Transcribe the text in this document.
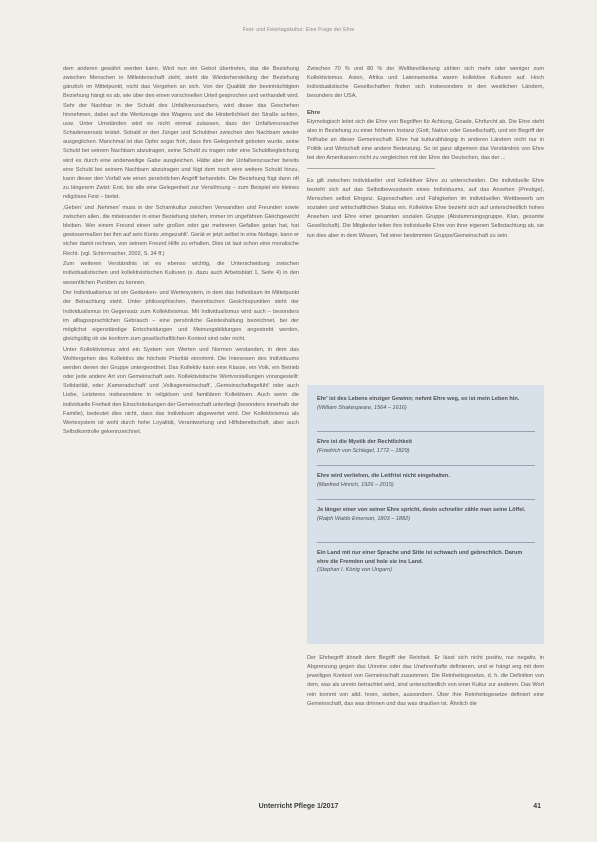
Fest- und Feiertagskultur: Eine Frage der Ehre

dem anderen gewährt werden kann. Wird nun ein Gebot übertreten, das die Beziehung zwischen Menschen in Mitleidenschaft zieht, steht die Wiederherstellung der Beziehung gänzlich im Mittelpunkt, nicht das Vergehen an sich. Von der Qualität der beeinträchtigten Beziehung hängt es ab, wie über den einen vorschnellen Urteil gesprochen und verhandelt wird. Sehr der Nachbar in der Schuld des Unfallverursachers, wird dieser das Geschehen hinnehmen, dabei auf die Werkzeuge des Wagens und die Hinderlichkeit der Straße achten, usw. Unter Umständen wird es nicht einmal zulassen, dass der Unfallverursacher Schadensersatz leistet. Sobald er den Jünger und Schuldner zwischen den Nachbarn wieder ausgeglichen. Manchmal ist das Opfer sogar froh, dass ihm Gelegenheit geboten wurde, seine Schuld bei seinem Nachbarn abzutragen, seine Schuld zu tragen oder eine Schuldbegleichung wird es durch eine anderweitige Gabe ausgleichen. Hätte aber der Unfallverursacher bereits eine Schuld bei seinem Nachbarn abzutragen und fügt dem noch eine weitere Schuld hinzu, kann dieser den Vorfall wie einen persönlichen Angriff behandeln. Die Beziehung fügt dann oft zu längerem Zwist: Erst, bis alle eine Gelegenheit zur Versöhnung – zum Beispiel ein kleines religiöses Fest – bietet.

‚Geben' und ‚Nehmen' muss in der Schamkultur zwischen Verwandten und Freunden sowie zwischen allen, die miteinander in einer Beziehung stehen, immer im ungefähren Gleichgewicht bleiben. Wer einem Freund einen sehr großen oder gar mehreren Gefallen getan hat, hat gewissermaßen bei ihm auf sein Konto ‚eingezahlt'. Gerät er jetzt selbst in eine Notlage, kann er sicher damit rechnen, von seinem Freund Hilfe zu erhalten. Dies ist laut schon eine moralische Recht. (vgl. Schirrmacher, 2002, S. 34 ff.)

Zum weiteren Verständnis ist es ebenso wichtig, die Unterscheidung zwischen individualistischen und kollektivistischen Kulturen (s. dazu auch Arbeitsblatt 1, Seite 4) in den wesentlichen Punkten zu kennen.

Der Individualismus ist ein Gedanken- und Wertesystem, in dem das Individuum im Mittelpunkt der Betrachtung steht. Unter philosophischen, theoretischen Gesichtspunkten steht der Individualismus im Gegensatz zum Kollektivismus. Mit Individualismus wird auch – besonders im alltagssprachlichen Gebrauch – eine persönliche Geisteshaltung bezeichnet, bei der möglichst eigenständige Entscheidungen und Meinungsbildungen angestrebt werden, gleichgültig ob sie konform zum gesellschaftlichen Kontext sind oder nicht.

Unter Kollektivismus wird ein System von Werten und Normen verstanden, in dem das Wohlergehen des Kollektivs die höchste Priorität einnimmt. Die Interessen des Individuums werden denen der Gruppe untergeordnet. Das Kollektiv kann eine Klasse, ein Volk, ein Betrieb oder jede andere Art von Gemeinschaft sein. Kollektivistische Wertvorstellungen vorangestellt: Solidarität, oder ‚Kameradschaft' und ‚Volksgemeinschaft', ‚Gemeinschaftsgefühl' oder auch Liebe, Letzteres insbesondere in religiösen und familiären Kollektiven. Auch wenn die individuelle Freiheit den Einschränkungen der Gemeinschaft unterliegt (besonders innerhalb der Familie), bedeutet dies nicht, dass das Individuum abgewertet wird. Der Kollektivismus als Wertesystem ist wohl durch hohe Loyalität, Verantwortung und Hilfsbereitschaft, aber auch Selbstkontrolle gekennzeichnet.

Zwischen 70 % und 80 % der Weltbevölkerung zählen sich mehr oder weniger zum Kollektivismus. Asien, Afrika und Lateinamerika waren kollektive Kulturen auf. Hoch individualistische Gesellschaften finden sich insbesondere in den westlichen Ländern, besonders der USA.

Ehre

Etymologisch leitet sich die Ehre von Begriffen für Achtung, Gnade, Ehrfurcht ab. Die Ehre steht also in Beziehung zu einer höheren Instanz (Gott, Nation oder Gesellschaft), und ein Begriff der Teilhabe an dieser Gemeinschaft. Ehre hat kulturabhängig in anderen Ländern nicht nur in Politik und Wirtschaft eine andere Bedeutung. So ist ganz allgemein das Verständnis von Ehre bei den Amerikanern nicht zu vergleichen mit der Ehre der Deutschen, das der ...

Es gilt zwischen individueller und kollektiver Ehre zu unterscheiden. Die individuelle Ehre bezieht sich auf das Selbstbewusstsein eines Individuums, auf das Ansehen (Prestige), Menschen selbst Ehrgeiz. Eigenschaften und Fähigkeiten im individuellen Wettbewerb um sozialen und wirtschaftlichen Status ein. Kollektive Ehre bezieht sich auf unterschiedlich hohes Ansehen und Ehre einer gesamten sozialen Gruppe (Abstammungsgruppe, Klan, gesamte Gesellschaft). Die Mitglieder teilen ihre individuelle Ehre von ihrer eigenen Selbstachtung ab, sie tun dies aber in dem Wissen, Teil einer bestimmten Gruppe/Gemeinschaft zu sein.

Ehr' ist des Lebens einziger Gewinn; nehmt Ehre weg, so ist mein Leben hin.
(William Shakespeare, 1564 – 1616)
Ehre ist die Mystik der Rechtlichkeit
(Friedrich von Schlegel, 1772 – 1829)
Ehre wird verliehen, die Leitfrist nicht eingehalten.
(Manfred Hinrich, 1926 – 2015)
Je länger einer von seiner Ehre spricht, desto schneller zähle man seine Löffel.
(Ralph Waldo Emerson, 1803 – 1882)
Ein Land mit nur einer Sprache und Sitte ist schwach und gebrechlich. Darum ehre die Fremden und hole sie ins Land.
(Stephan I. König von Ungarn)

Der Ehrbegriff ähnelt dem Begriff der Reinheit. Er lässt sich nicht positiv, nur negativ, in Abgrenzung gegen das Unreine oder das Unehrenhafte definieren, und er hängt eng mit dem jeweiligen Kontext von Gemeinschaft zusammen. Die Reinheitsgesetze, d. h. die Definition von dem, was als unrein betrachtet wird, sind unterschiedlich von einer Kultur zur anderen. Das Wort rein kommt von altd. hrein, sieben, aussondern. Über ihre Reinheitsgesetze definiert eine Gemeinschaft, das was drinnen und das was draußen ist. Ähnlich die

Unterricht Pflege 1/2017	41
